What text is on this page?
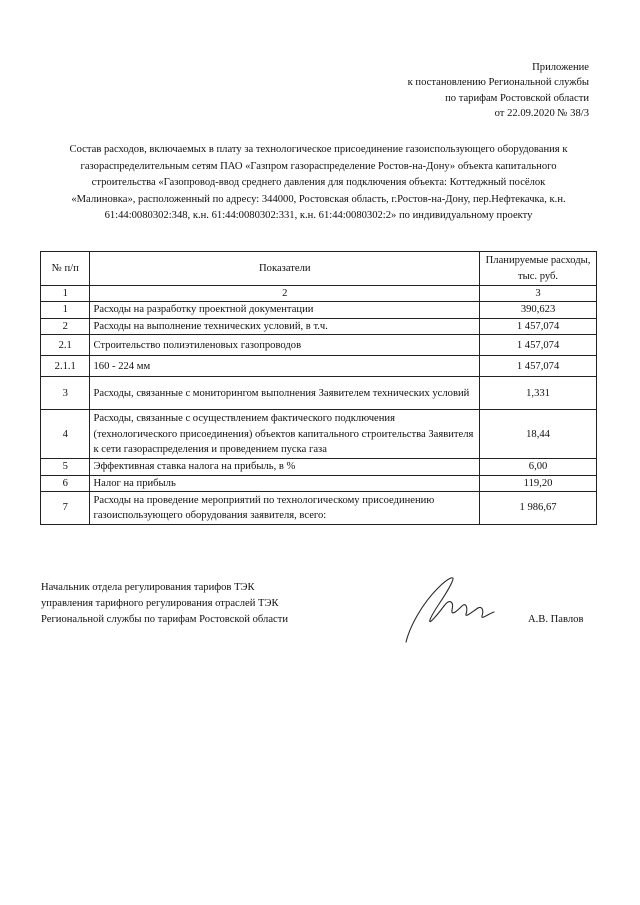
Приложение
к постановлению Региональной службы
по тарифам Ростовской области
от 22.09.2020 № 38/3
Состав расходов, включаемых в плату за технологическое присоединение газоиспользующего оборудования к
газораспределительным сетям ПАО «Газпром газораспределение Ростов-на-Дону» объекта капитального
строительства «Газопровод-ввод среднего давления для подключения объекта: Коттеджный посёлок
«Малиновка», расположенный по адресу: 344000, Ростовская область, г.Ростов-на-Дону, пер.Нефтекачка, к.н.
61:44:0080302:348, к.н. 61:44:0080302:331, к.н. 61:44:0080302:2» по индивидуальному проекту
№ п/п	Показатели	Планируемые расходы, тыс. руб.
1	2	3
1	Расходы на разработку проектной документации	390,623
2	Расходы на выполнение технических условий, в т.ч.	1 457,074
2.1	Строительство полиэтиленовых газопроводов	1 457,074
2.1.1	160 - 224 мм	1 457,074
3	Расходы, связанные с мониторингом выполнения Заявителем технических условий	1,331
4	Расходы, связанные с осуществлением фактического подключения (технологического присоединения) объектов капитального строительства Заявителя к сети газораспределения и проведением пуска газа	18,44
5	Эффективная ставка налога на прибыль, в %	6,00
6	Налог на прибыль	119,20
7	Расходы на проведение мероприятий по технологическому присоединению газоиспользующего оборудования заявителя, всего:	1 986,67
Начальник отдела регулирования тарифов ТЭК
управления тарифного регулирования отраслей ТЭК
Региональной службы по тарифам Ростовской области	А.В. Павлов
